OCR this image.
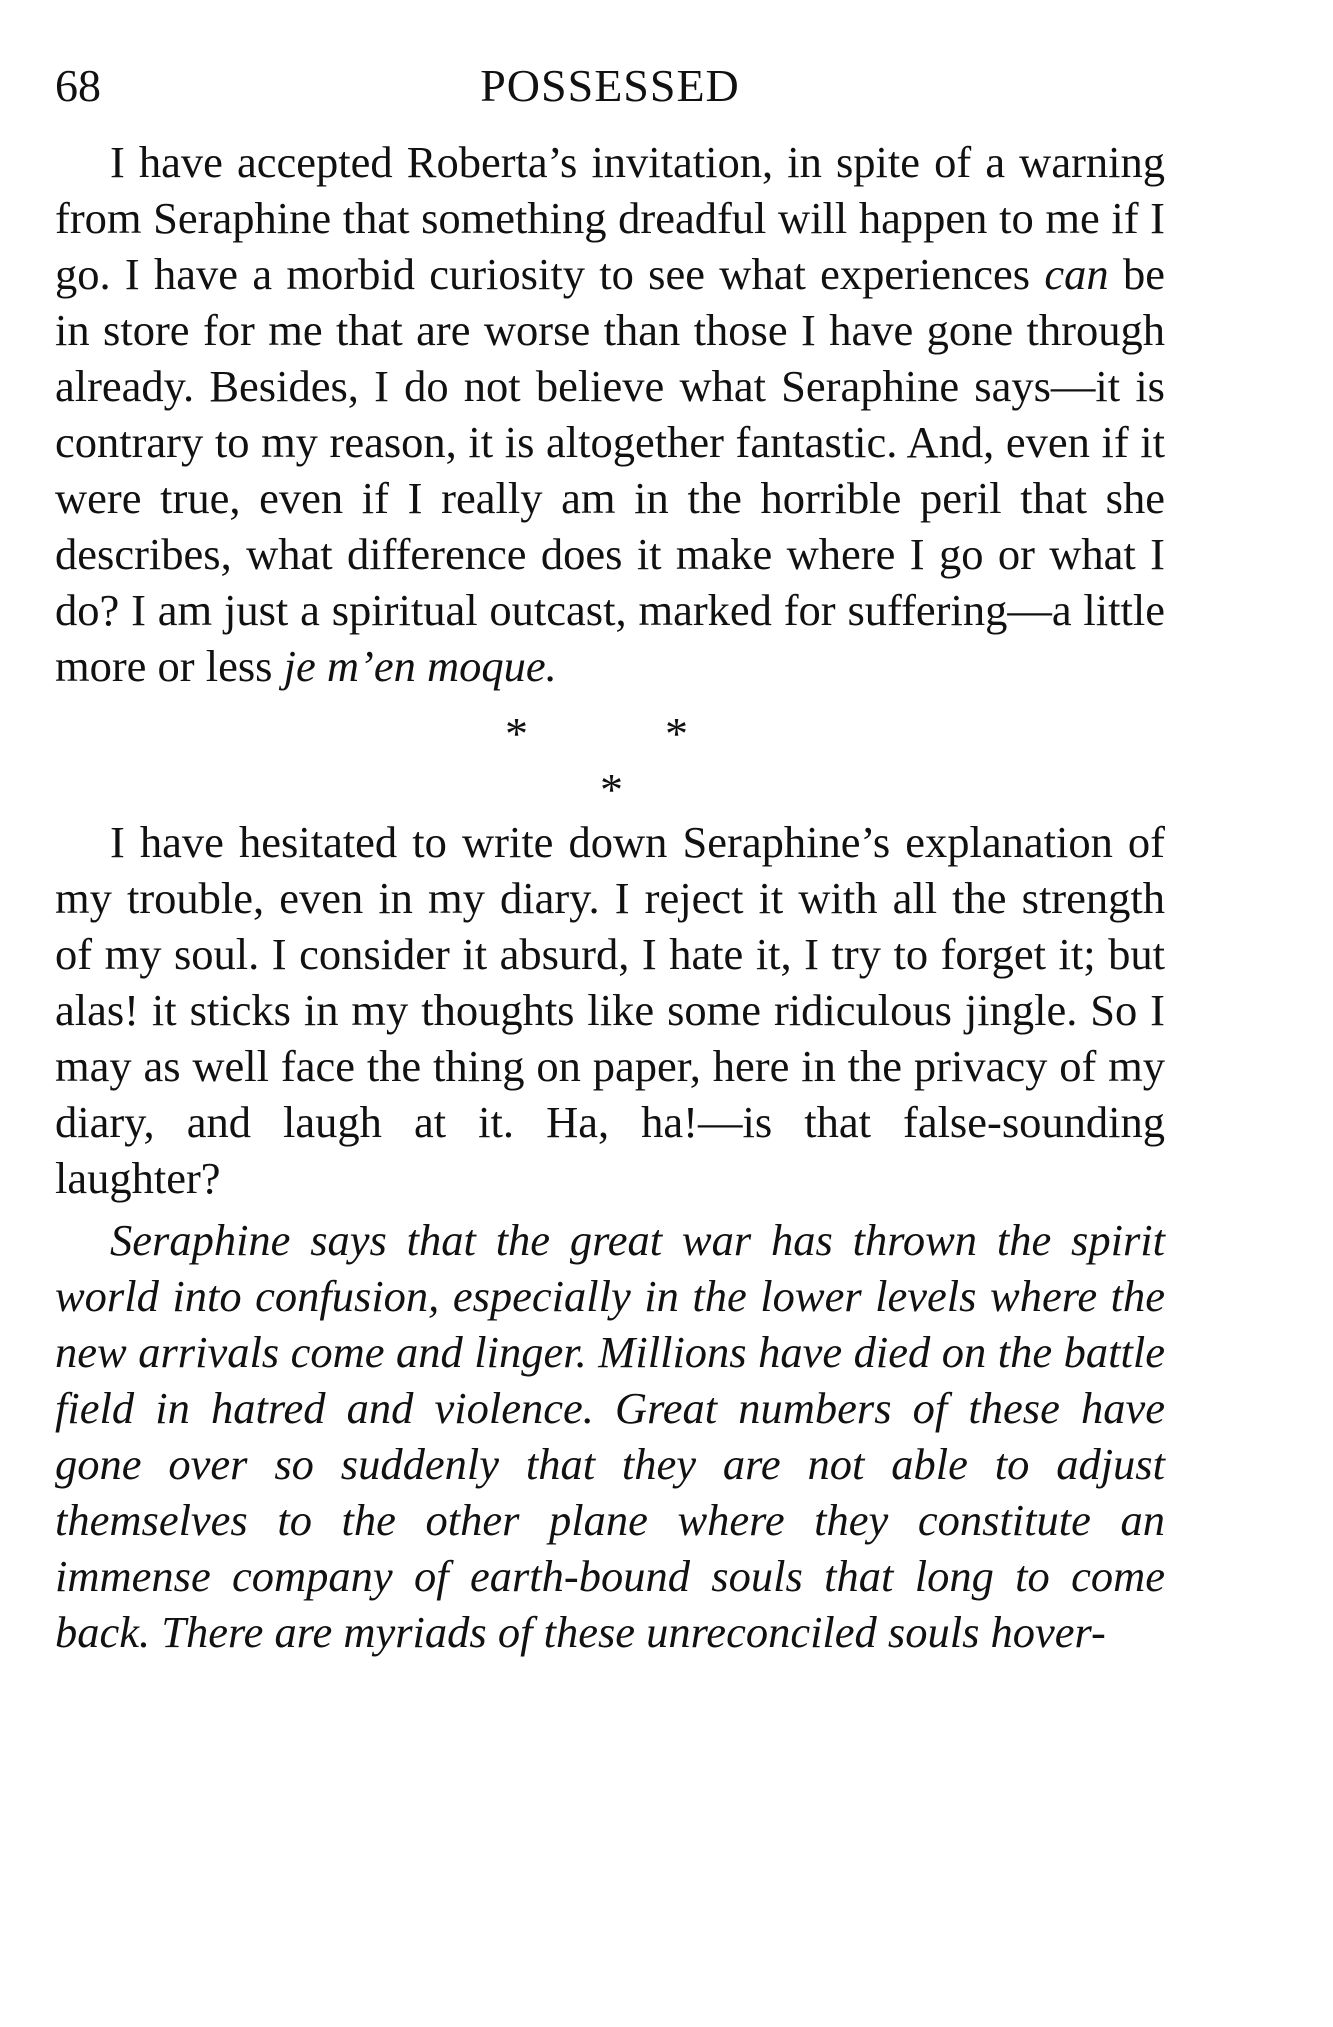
68	POSSESSED

I have accepted Roberta’s invitation, in spite of a warning from Seraphine that something dreadful will happen to me if I go. I have a morbid curiosity to see what experiences can be in store for me that are worse than those I have gone through already. Besides, I do not believe what Seraphine says—it is contrary to my reason, it is altogether fantastic. And, even if it were true, even if I really am in the horrible peril that she describes, what difference does it make where I go or what I do? I am just a spiritual outcast, marked for suffering—a little more or less je m’en moque.

*	*
*

I have hesitated to write down Seraphine’s explanation of my trouble, even in my diary. I reject it with all the strength of my soul. I consider it absurd, I hate it, I try to forget it; but alas! it sticks in my thoughts like some ridiculous jingle. So I may as well face the thing on paper, here in the privacy of my diary, and laugh at it. Ha, ha!—is that false-sounding laughter?

Seraphine says that the great war has thrown the spirit world into confusion, especially in the lower levels where the new arrivals come and linger. Millions have died on the battle field in hatred and violence. Great numbers of these have gone over so suddenly that they are not able to adjust themselves to the other plane where they constitute an immense company of earth-bound souls that long to come back. There are myriads of these unreconciled souls hover-
